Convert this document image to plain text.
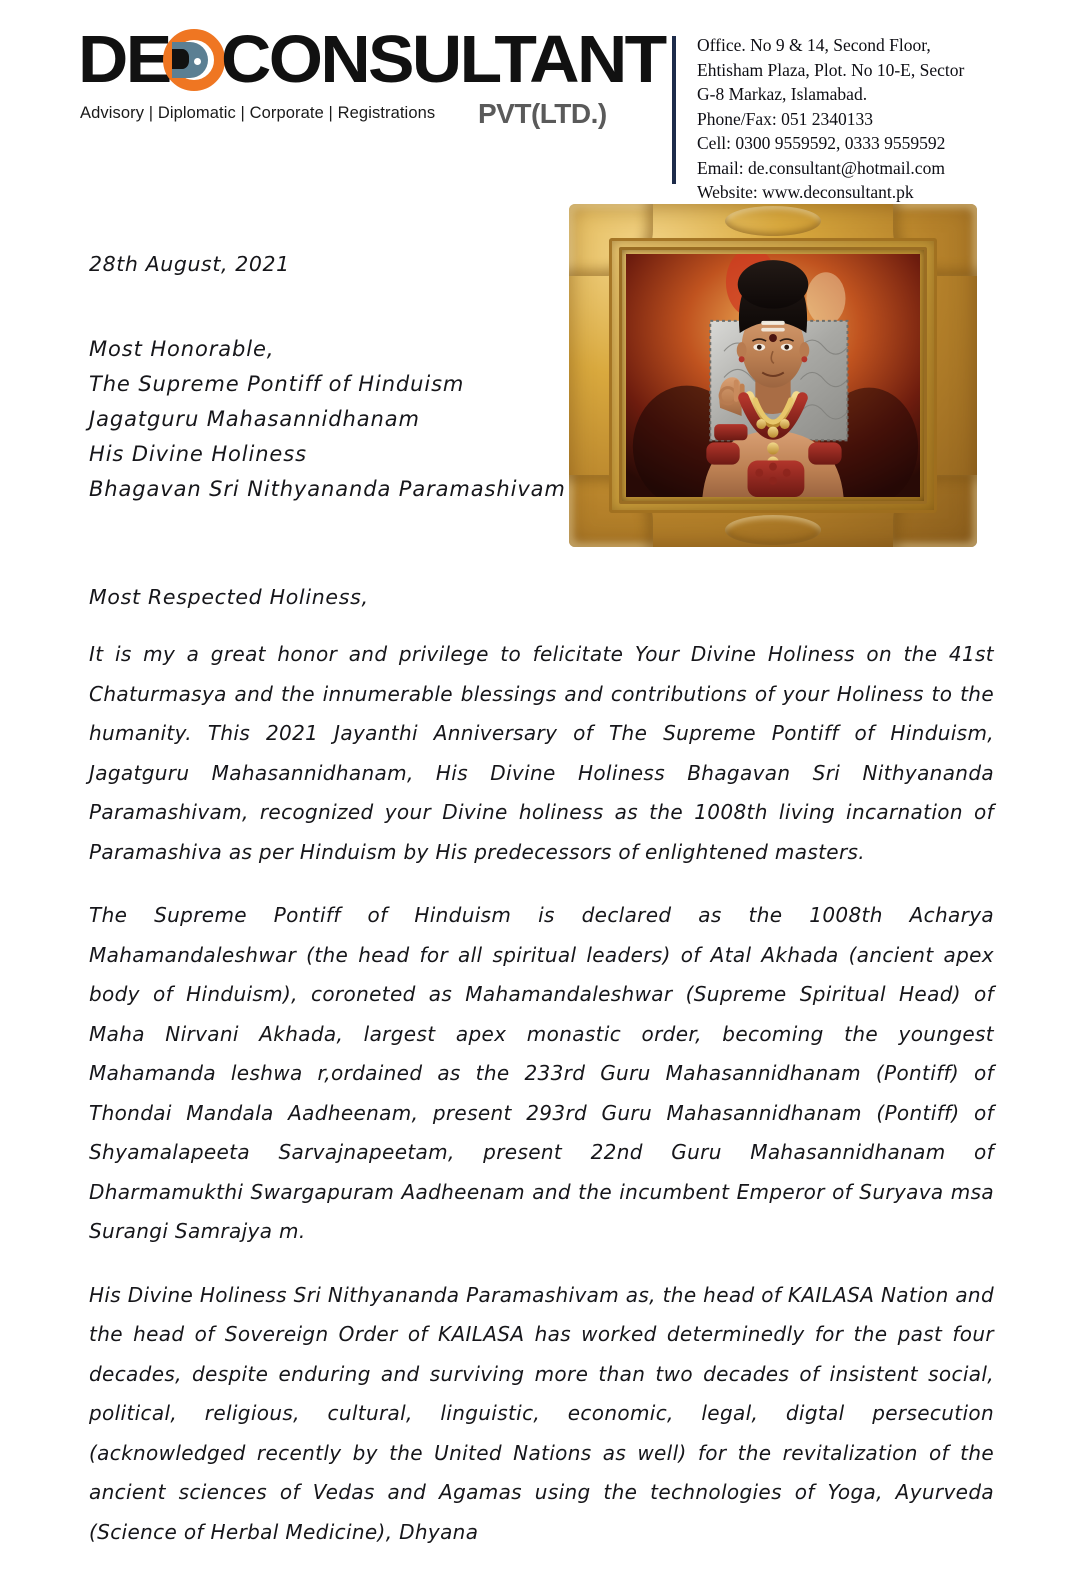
DE CONSULTANT
Advisory | Diplomatic | Corporate | Registrations PVT(LTD.)
Office. No 9 & 14, Second Floor,
Ehtisham Plaza, Plot. No 10-E, Sector
G-8 Markaz, Islamabad.
Phone/Fax: 051 2340133
Cell: 0300 9559592, 0333 9559592
Email: de.consultant@hotmail.com
Website: www.deconsultant.pk
28th August, 2021
Most Honorable,
The Supreme Pontiff of Hinduism
Jagatguru Mahasannidhanam
His Divine Holiness
Bhagavan Sri Nithyananda Paramashivam
Most Respected Holiness,

It is my a great honor and privilege to felicitate Your Divine Holiness on the 41st Chaturmasya and the innumerable blessings and contributions of your Holiness to the humanity. This 2021 Jayanthi Anniversary of The Supreme Pontiff of Hinduism, Jagatguru Mahasannidhanam, His Divine Holiness Bhagavan Sri Nithyananda Paramashivam, recognized your Divine holiness as the 1008th living incarnation of Paramashiva as per Hinduism by His predecessors of enlightened masters.

The Supreme Pontiff of Hinduism is declared as the 1008th Acharya Mahamandaleshwar (the head for all spiritual leaders) of Atal Akhada (ancient apex body of Hinduism), coroneted as Mahamandaleshwar (Supreme Spiritual Head) of Maha Nirvani Akhada, largest apex monastic order, becoming the youngest Mahamanda leshwa r,ordained as the 233rd Guru Mahasannidhanam (Pontiff) of Thondai Mandala Aadheenam, present 293rd Guru Mahasannidhanam (Pontiff) of Shyamalapeeta Sarvajnapeetam, present 22nd Guru Mahasannidhanam of Dharmamukthi Swargapuram Aadheenam and the incumbent Emperor of Suryava msa Surangi Samrajya m.

His Divine Holiness Sri Nithyananda Paramashivam as, the head of KAILASA Nation and the head of Sovereign Order of KAILASA has worked determinedly for the past four decades, despite enduring and surviving more than two decades of insistent social, political, religious, cultural, linguistic, economic, legal, digtal persecution (acknowledged recently by the United Nations as well) for the revitalization of the ancient sciences of Vedas and Agamas using the technologies of Yoga, Ayurveda (Science of Herbal Medicine), Dhyana
